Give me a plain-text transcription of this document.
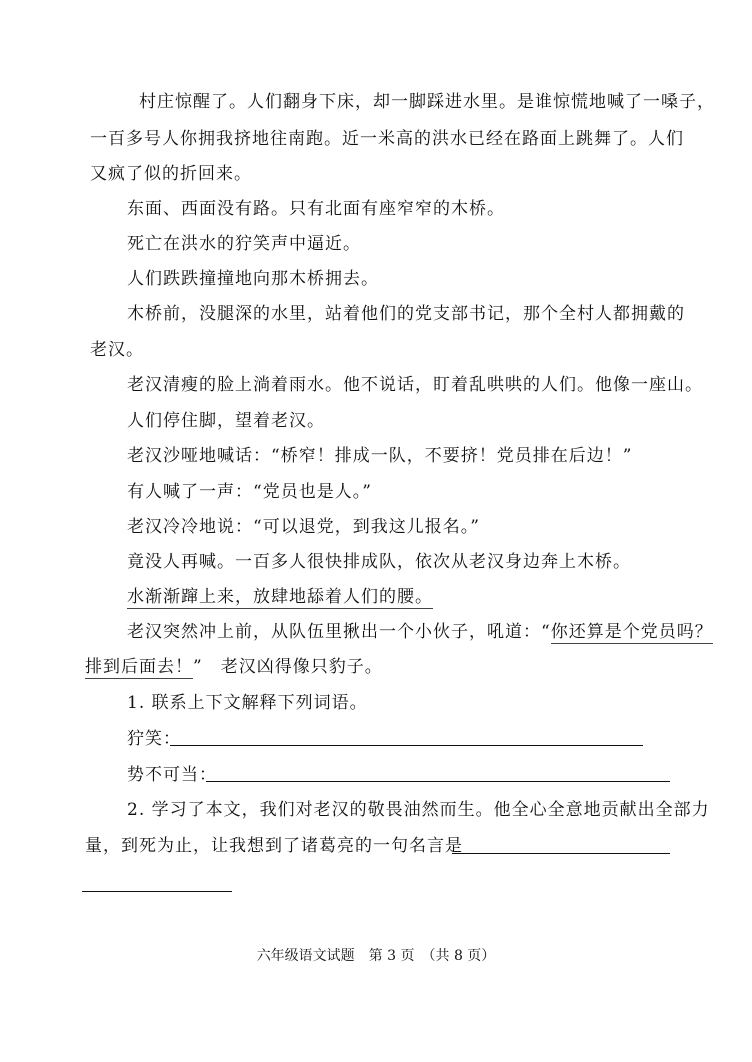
村庄惊醒了。人们翻身下床，却一脚踩进水里。是谁惊慌地喊了一嗓子，
一百多号人你拥我挤地往南跑。近一米高的洪水已经在路面上跳舞了。人们
又疯了似的折回来。
东面、西面没有路。只有北面有座窄窄的木桥。
死亡在洪水的狞笑声中逼近。
人们跌跌撞撞地向那木桥拥去。
木桥前，没腿深的水里，站着他们的党支部书记，那个全村人都拥戴的
老汉。
老汉清瘦的脸上淌着雨水。他不说话，盯着乱哄哄的人们。他像一座山。
人们停住脚，望着老汉。
老汉沙哑地喊话：“桥窄！排成一队，不要挤！党员排在后边！”
有人喊了一声：“党员也是人。”
老汉冷冷地说：“可以退党，到我这儿报名。”
竟没人再喊。一百多人很快排成队，依次从老汉身边奔上木桥。
水渐渐蹿上来，放肆地舔着人们的腰。
老汉突然冲上前，从队伍里揪出一个小伙子，吼道：“你还算是个党员吗？
排到后面去！”　老汉凶得像只豹子。
1. 联系上下文解释下列词语。
狞笑：
势不可当：
2. 学习了本文，我们对老汉的敬畏油然而生。他全心全意地贡献出全部力
量，到死为止，让我想到了诸葛亮的一句名言是
六年级语文试题　第 3 页　（共 8 页）
